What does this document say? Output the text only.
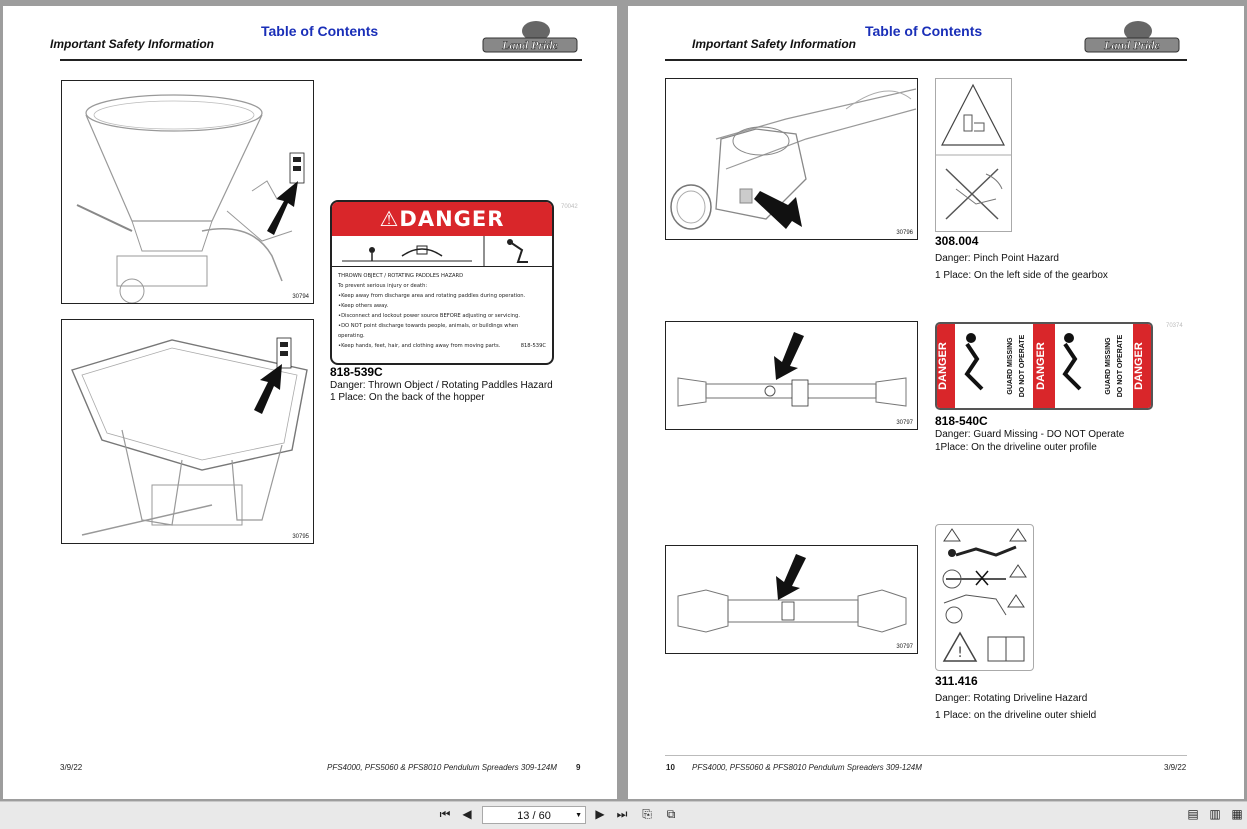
Table of Contents
Important Safety Information	Land Pride
30794
30795
70042
⚠DANGER
THROWN OBJECT / ROTATING PADDLES HAZARD
To prevent serious injury or death:
•Keep away from discharge area and rotating paddles during operation.
•Keep others away.
•Disconnect and lockout power source BEFORE adjusting or servicing.
•DO NOT point discharge towards people, animals, or buildings when operating.
•Keep hands, feet, hair, and clothing away from moving parts.	818-539C
818-539C
Danger: Thrown Object / Rotating Paddles Hazard
1 Place: On the back of the hopper
3/9/22	PFS4000, PFS5060 & PFS8010 Pendulum Spreaders 309-124M 9
Table of Contents
Important Safety Information	Land Pride
30796
308.004
Danger: Pinch Point Hazard
1 Place: On the left side of the gearbox
30797
70374
DANGER	DANGER	DANGER
GUARD MISSING DO NOT OPERATE	GUARD MISSING DO NOT OPERATE
818-540C
Danger: Guard Missing - DO NOT Operate
1Place: On the driveline outer profile
30797	!
311.416
Danger: Rotating Driveline Hazard
1 Place: on the driveline outer shield
10 PFS4000, PFS5060 & PFS8010 Pendulum Spreaders 309-124M	3/9/22
⏮ ◀	13 / 60	▼ ▶ ⏭ ⎘	⧉	▤ ▥ ▦
